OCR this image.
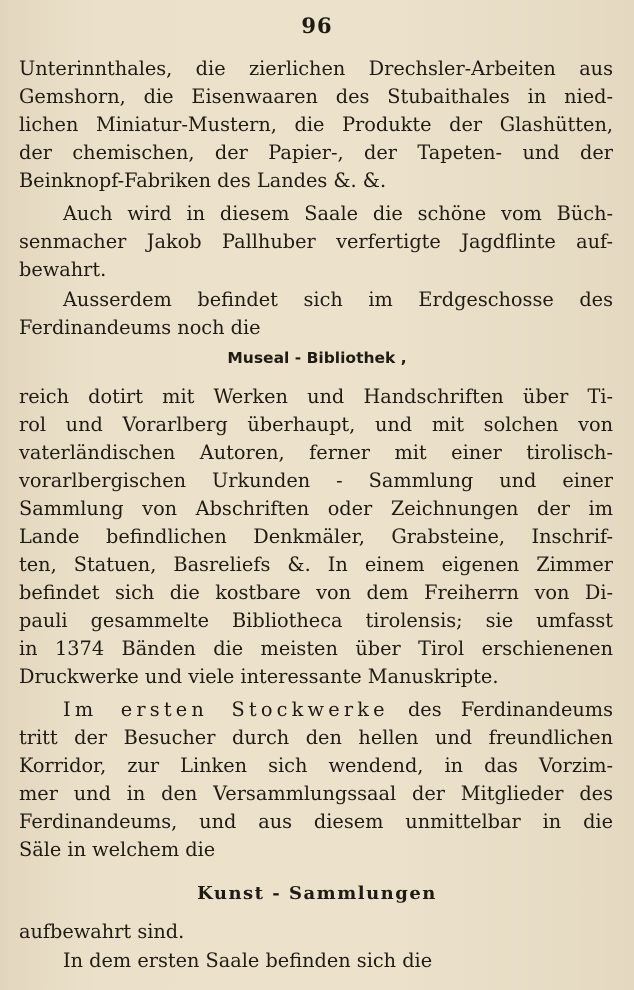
96
Unterinnthales, die zierlichen Drechsler-Arbeiten aus
Gemshorn, die Eisenwaaren des Stubaithales in nied-
lichen Miniatur-Mustern, die Produkte der Glashütten,
der chemischen, der Papier-, der Tapeten- und der
Beinknopf-Fabriken des Landes &. &.
Auch wird in diesem Saale die schöne vom Büch-
senmacher Jakob Pallhuber verfertigte Jagdflinte auf-
bewahrt.
Ausserdem befindet sich im Erdgeschosse des
Ferdinandeums noch die
Museal - Bibliothek ,
reich dotirt mit Werken und Handschriften über Ti-
rol und Vorarlberg überhaupt, und mit solchen von
vaterländischen Autoren, ferner mit einer tirolisch-
vorarlbergischen Urkunden - Sammlung und einer
Sammlung von Abschriften oder Zeichnungen der im
Lande befindlichen Denkmäler, Grabsteine, Inschrif-
ten, Statuen, Basreliefs &. In einem eigenen Zimmer
befindet sich die kostbare von dem Freiherrn von Di-
pauli gesammelte Bibliotheca tirolensis; sie umfasst
in 1374 Bänden die meisten über Tirol erschienenen
Druckwerke und viele interessante Manuskripte.
Im ersten Stockwerke des Ferdinandeums
tritt der Besucher durch den hellen und freundlichen
Korridor, zur Linken sich wendend, in das Vorzim-
mer und in den Versammlungssaal der Mitglieder des
Ferdinandeums, und aus diesem unmittelbar in die
Säle in welchem die
Kunst - Sammlungen
aufbewahrt sind.
In dem ersten Saale befinden sich die
